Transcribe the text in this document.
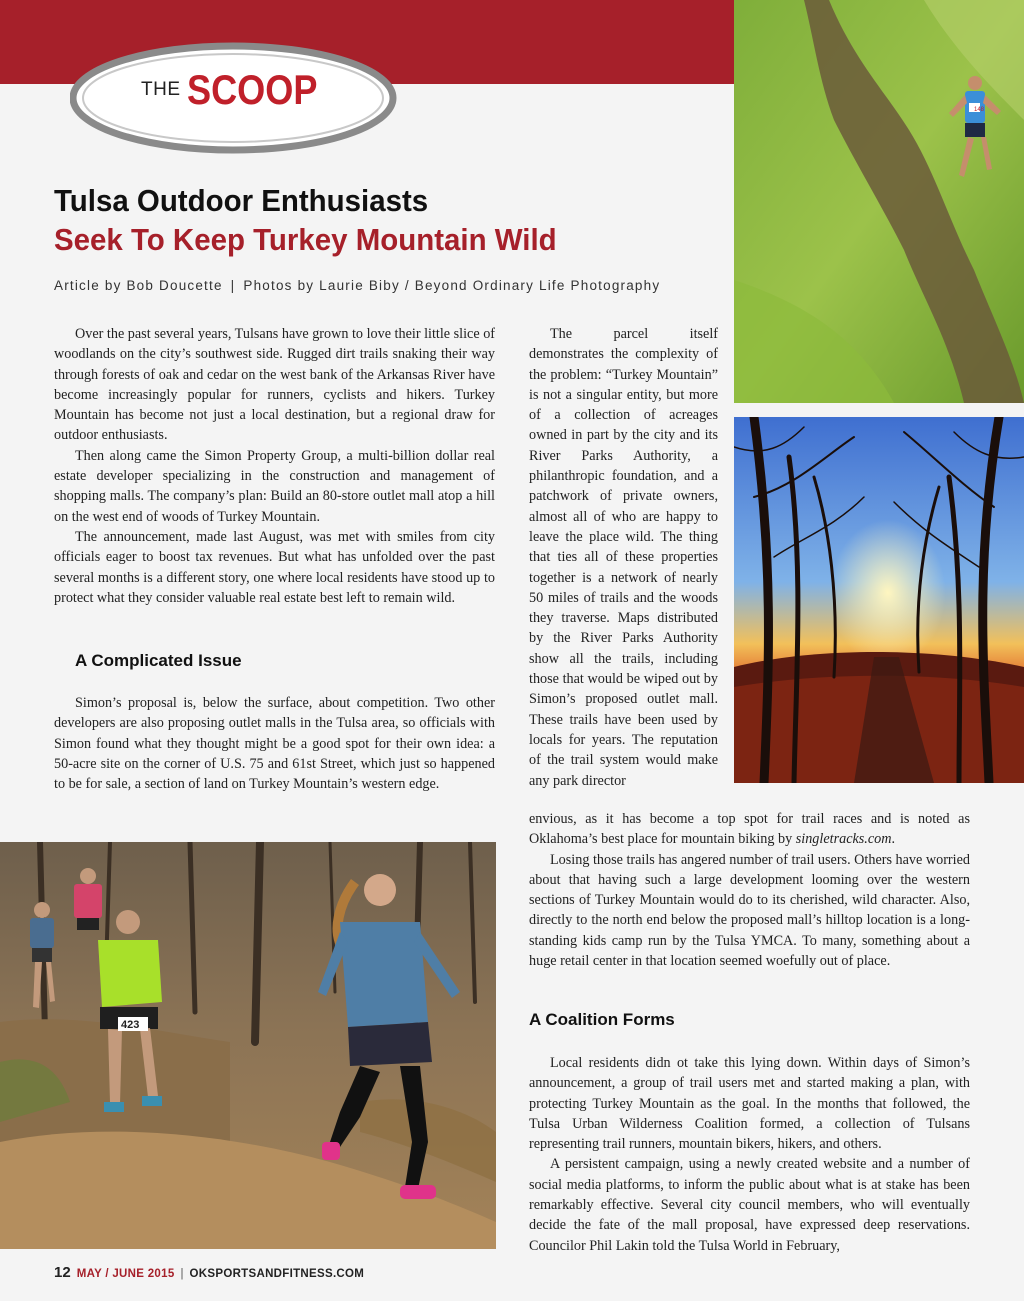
THE SCOOP
Tulsa Outdoor Enthusiasts
Seek To Keep Turkey Mountain Wild
Article by Bob Doucette | Photos by Laurie Biby / Beyond Ordinary Life Photography

Over the past several years, Tulsans have grown to love their little slice of woodlands on the city’s southwest side. Rugged dirt trails snaking their way through forests of oak and cedar on the west bank of the Arkansas River have become increasingly popular for runners, cyclists and hikers. Turkey Mountain has become not just a local destination, but a regional draw for outdoor enthusiasts.

Then along came the Simon Property Group, a multi-billion dollar real estate developer specializing in the construction and management of shopping malls. The company’s plan: Build an 80-store outlet mall atop a hill on the west end of woods of Turkey Mountain.

The announcement, made last August, was met with smiles from city officials eager to boost tax revenues. But what has unfolded over the past several months is a different story, one where local residents have stood up to protect what they consider valuable real estate best left to remain wild.

A Complicated Issue

Simon’s proposal is, below the surface, about competition. Two other developers are also proposing outlet malls in the Tulsa area, so officials with Simon found what they thought might be a good spot for their own idea: a 50-acre site on the corner of U.S. 75 and 61st Street, which just so happened to be for sale, a section of land on Turkey Mountain’s western edge.

The parcel itself demonstrates the complexity of the problem: “Turkey Mountain” is not a singular entity, but more of a collection of acreages owned in part by the city and its River Parks Authority, a philanthropic foundation, and a patchwork of private owners, almost all of who are happy to leave the place wild. The thing that ties all of these properties together is a network of nearly 50 miles of trails and the woods they traverse. Maps distributed by the River Parks Authority show all the trails, including those that would be wiped out by Simon’s proposed outlet mall. These trails have been used by locals for years. The reputation of the trail system would make any park director

envious, as it has become a top spot for trail races and is noted as Oklahoma’s best place for mountain biking by singletracks.com.

Losing those trails has angered number of trail users. Others have worried about that having such a large development looming over the western sections of Turkey Mountain would do to its cherished, wild character. Also, directly to the north end below the proposed mall’s hilltop location is a long-standing kids camp run by the Tulsa YMCA. To many, something about a huge retail center in that location seemed woefully out of place.

A Coalition Forms

Local residents didn ot take this lying down. Within days of Simon’s announcement, a group of trail users met and started making a plan, with protecting Turkey Mountain as the goal. In the months that followed, the Tulsa Urban Wilderness Coalition formed, a collection of Tulsans representing trail runners, mountain bikers, hikers, and others.

A persistent campaign, using a newly created website and a number of social media platforms, to inform the public about what is at stake has been remarkably effective. Several city council members, who will eventually decide the fate of the mall proposal, have expressed deep reservations. Councilor Phil Lakin told the Tulsa World in February,

148
423
12 MAY / JUNE 2015 | OKSPORTSANDFITNESS.COM
